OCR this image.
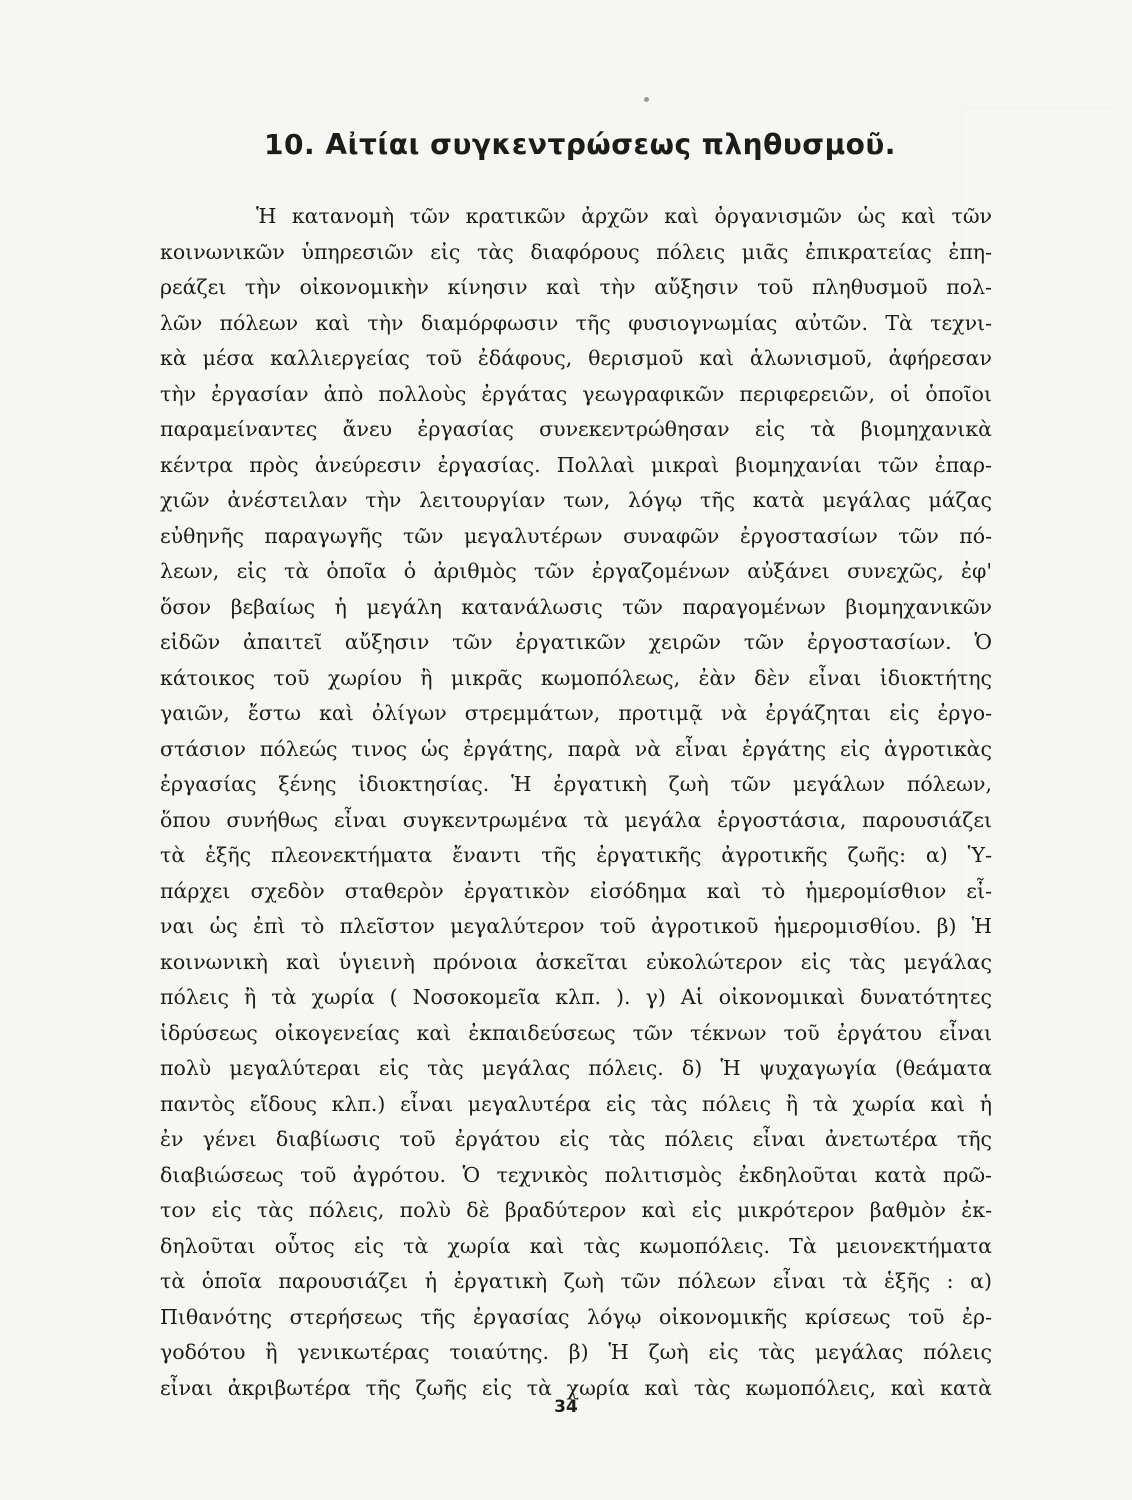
10. Αἰτίαι συγκεντρώσεως πληθυσμοῦ.
Ἡ κατανομὴ τῶν κρατικῶν ἀρχῶν καὶ ὀργανισμῶν ὡς καὶ τῶν
κοινωνικῶν ὑπηρεσιῶν εἰς τὰς διαφόρους πόλεις μιᾶς ἐπικρατείας ἐπη-
ρεάζει τὴν οἰκονομικὴν κίνησιν καὶ τὴν αὔξησιν τοῦ πληθυσμοῦ πολ-
λῶν πόλεων καὶ τὴν διαμόρφωσιν τῆς φυσιογνωμίας αὐτῶν. Τὰ τεχνι-
κὰ μέσα καλλιεργείας τοῦ ἐδάφους, θερισμοῦ καὶ ἁλωνισμοῦ, ἀφήρεσαν
τὴν ἐργασίαν ἀπὸ πολλοὺς ἐργάτας γεωγραφικῶν περιφερειῶν, οἱ ὁποῖοι
παραμείναντες ἄνευ ἐργασίας συνεκεντρώθησαν εἰς τὰ βιομηχανικὰ
κέντρα πρὸς ἀνεύρεσιν ἐργασίας. Πολλαὶ μικραὶ βιομηχανίαι τῶν ἐπαρ-
χιῶν ἀνέστειλαν τὴν λειτουργίαν των, λόγῳ τῆς κατὰ μεγάλας μάζας
εὐθηνῆς παραγωγῆς τῶν μεγαλυτέρων συναφῶν ἐργοστασίων τῶν πό-
λεων, εἰς τὰ ὁποῖα ὁ ἀριθμὸς τῶν ἐργαζομένων αὐξάνει συνεχῶς, ἐφ'
ὅσον βεβαίως ἡ μεγάλη κατανάλωσις τῶν παραγομένων βιομηχανικῶν
εἰδῶν ἀπαιτεῖ αὔξησιν τῶν ἐργατικῶν χειρῶν τῶν ἐργοστασίων. Ὁ
κάτοικος τοῦ χωρίου ἢ μικρᾶς κωμοπόλεως, ἐὰν δὲν εἶναι ἰδιοκτήτης
γαιῶν, ἔστω καὶ ὀλίγων στρεμμάτων, προτιμᾷ νὰ ἐργάζηται εἰς ἐργο-
στάσιον πόλεώς τινος ὡς ἐργάτης, παρὰ νὰ εἶναι ἐργάτης εἰς ἀγροτικὰς
ἐργασίας ξένης ἰδιοκτησίας. Ἡ ἐργατικὴ ζωὴ τῶν μεγάλων πόλεων,
ὅπου συνήθως εἶναι συγκεντρωμένα τὰ μεγάλα ἐργοστάσια, παρουσιάζει
τὰ ἑξῆς πλεονεκτήματα ἔναντι τῆς ἐργατικῆς ἀγροτικῆς ζωῆς: α) Ὑ-
πάρχει σχεδὸν σταθερὸν ἐργατικὸν εἰσόδημα καὶ τὸ ἡμερομίσθιον εἶ-
ναι ὡς ἐπὶ τὸ πλεῖστον μεγαλύτερον τοῦ ἀγροτικοῦ ἡμερομισθίου. β) Ἡ
κοινωνικὴ καὶ ὑγιεινὴ πρόνοια ἀσκεῖται εὐκολώτερον εἰς τὰς μεγάλας
πόλεις ἢ τὰ χωρία ( Νοσοκομεῖα κλπ. ). γ) Αἱ οἰκονομικαὶ δυνατότητες
ἱδρύσεως οἰκογενείας καὶ ἐκπαιδεύσεως τῶν τέκνων τοῦ ἐργάτου εἶναι
πολὺ μεγαλύτεραι εἰς τὰς μεγάλας πόλεις. δ) Ἡ ψυχαγωγία (θεάματα
παντὸς εἴδους κλπ.) εἶναι μεγαλυτέρα εἰς τὰς πόλεις ἢ τὰ χωρία καὶ ἡ
ἐν γένει διαβίωσις τοῦ ἐργάτου εἰς τὰς πόλεις εἶναι ἀνετωτέρα τῆς
διαβιώσεως τοῦ ἀγρότου. Ὁ τεχνικὸς πολιτισμὸς ἐκδηλοῦται κατὰ πρῶ-
τον εἰς τὰς πόλεις, πολὺ δὲ βραδύτερον καὶ εἰς μικρότερον βαθμὸν ἐκ-
δηλοῦται οὗτος εἰς τὰ χωρία καὶ τὰς κωμοπόλεις. Τὰ μειονεκτήματα
τὰ ὁποῖα παρουσιάζει ἡ ἐργατικὴ ζωὴ τῶν πόλεων εἶναι τὰ ἑξῆς : α)
Πιθανότης στερήσεως τῆς ἐργασίας λόγῳ οἰκονομικῆς κρίσεως τοῦ ἐρ-
γοδότου ἢ γενικωτέρας τοιαύτης. β) Ἡ ζωὴ εἰς τὰς μεγάλας πόλεις
εἶναι ἀκριβωτέρα τῆς ζωῆς εἰς τὰ χωρία καὶ τὰς κωμοπόλεις, καὶ κατὰ
34
